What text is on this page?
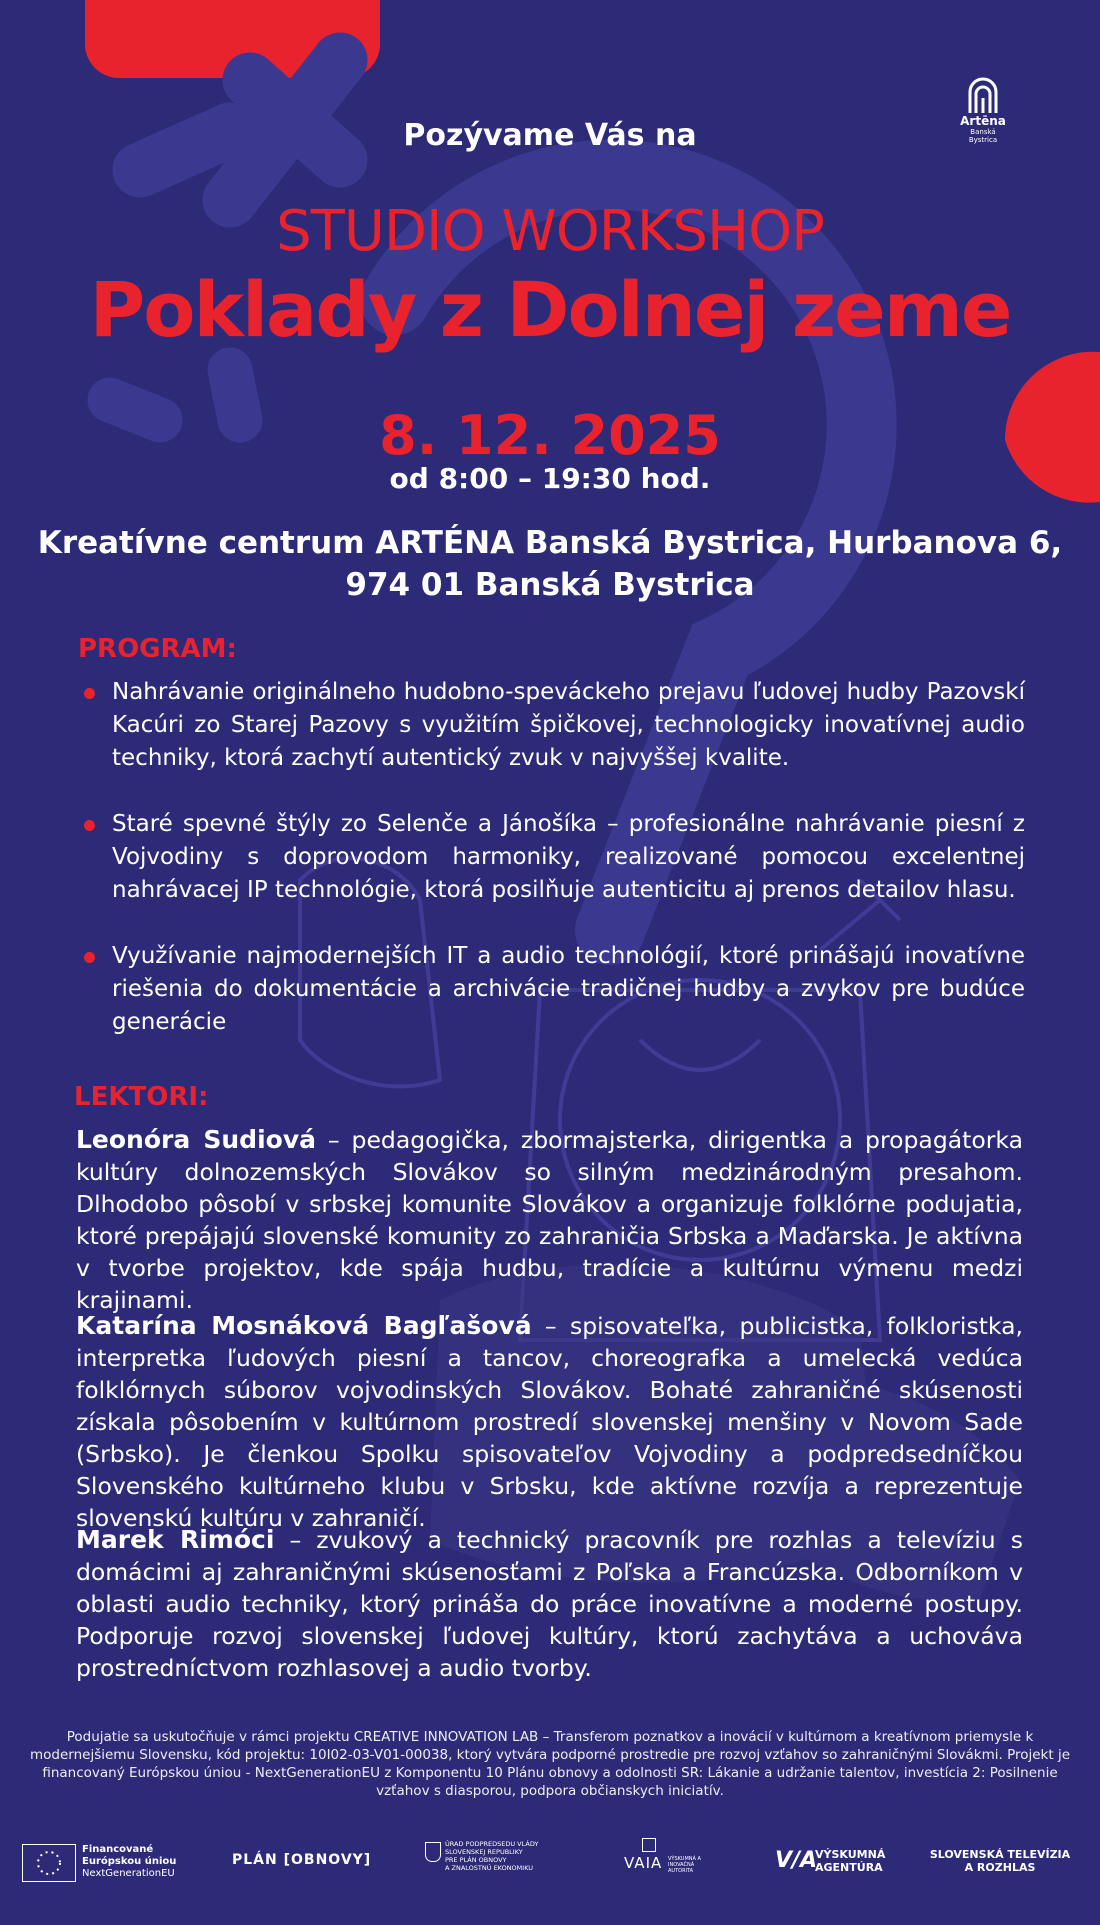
Artēna
Banská Bystrica
Pozývame Vás na
STUDIO WORKSHOP
Poklady z Dolnej zeme
8. 12. 2025
od 8:00 – 19:30 hod.
Kreatívne centrum ARTÉNA Banská Bystrica, Hurbanova 6,
974 01 Banská Bystrica
PROGRAM:
Nahrávanie originálneho hudobno-speváckeho prejavu ľudovej hudby Pazovskí Kacúri zo Starej Pazovy s využitím špičkovej, technologicky inovatívnej audio techniky, ktorá zachytí autentický zvuk v najvyššej kvalite.
Staré spevné štýly zo Selenče a Jánošíka – profesionálne nahrávanie piesní z Vojvodiny s doprovodom harmoniky, realizované pomocou excelentnej nahrávacej IP technológie, ktorá posilňuje autenticitu aj prenos detailov hlasu.
Využívanie najmodernejších IT a audio technológií, ktoré prinášajú inovatívne riešenia do dokumentácie a archivácie tradičnej hudby a zvykov pre budúce generácie
LEKTORI:
Leonóra Sudiová – pedagogička, zbormajsterka, dirigentka a propagátorka kultúry dolnozemských Slovákov so silným medzinárodným presahom. Dlhodobo pôsobí v srbskej komunite Slovákov a organizuje folklórne podujatia, ktoré prepájajú slovenské komunity zo zahraničia Srbska a Maďarska. Je aktívna v tvorbe projektov, kde spája hudbu, tradície a kultúrnu výmenu medzi krajinami.
Katarína Mosnáková Bagľašová – spisovateľka, publicistka, folkloristka, interpretka ľudových piesní a tancov, choreografka a umelecká vedúca folklórnych súborov vojvodinských Slovákov. Bohaté zahraničné skúsenosti získala pôsobením v kultúrnom prostredí slovenskej menšiny v Novom Sade (Srbsko). Je členkou Spolku spisovateľov Vojvodiny a podpredsedníčkou Slovenského kultúrneho klubu v Srbsku, kde aktívne rozvíja a reprezentuje slovenskú kultúru v zahraničí.
Marek Rimóci – zvukový a technický pracovník pre rozhlas a televíziu s domácimi aj zahraničnými skúsenosťami z Poľska a Francúzska. Odborníkom v oblasti audio techniky, ktorý prináša do práce inovatívne a moderné postupy. Podporuje rozvoj slovenskej ľudovej kultúry, ktorú zachytáva a uchováva prostredníctvom rozhlasovej a audio tvorby.
Podujatie sa uskutočňuje v rámci projektu CREATIVE INNOVATION LAB – Transferom poznatkov a inovácií v kultúrnom a kreatívnom priemysle k modernejšiemu Slovensku, kód projektu: 10I02-03-V01-00038, ktorý vytvára podporné prostredie pre rozvoj vzťahov so zahraničnými Slovákmi. Projekt je financovaný Európskou úniou - NextGenerationEU z Komponentu 10 Plánu obnovy a odolnosti SR: Lákanie a udržanie talentov, investícia 2: Posilnenie vzťahov s diasporou, podpora občianskych iniciatív.
Financované
Európskou úniou
NextGenerationEU
PLÁN [OBNOVY]
ÚRAD PODPREDSEDU VLÁDY
SLOVENSKEJ REPUBLIKY
PRE PLÁN OBNOVY
A ZNALOSTNÚ EKONOMIKU	VAIA VÝSKUMNÁ A INOVAČNÁ AUTORITA	V/A
VÝSKUMNÁ
AGENTÚRA
SLOVENSKÁ TELEVÍZIA
A ROZHLAS
